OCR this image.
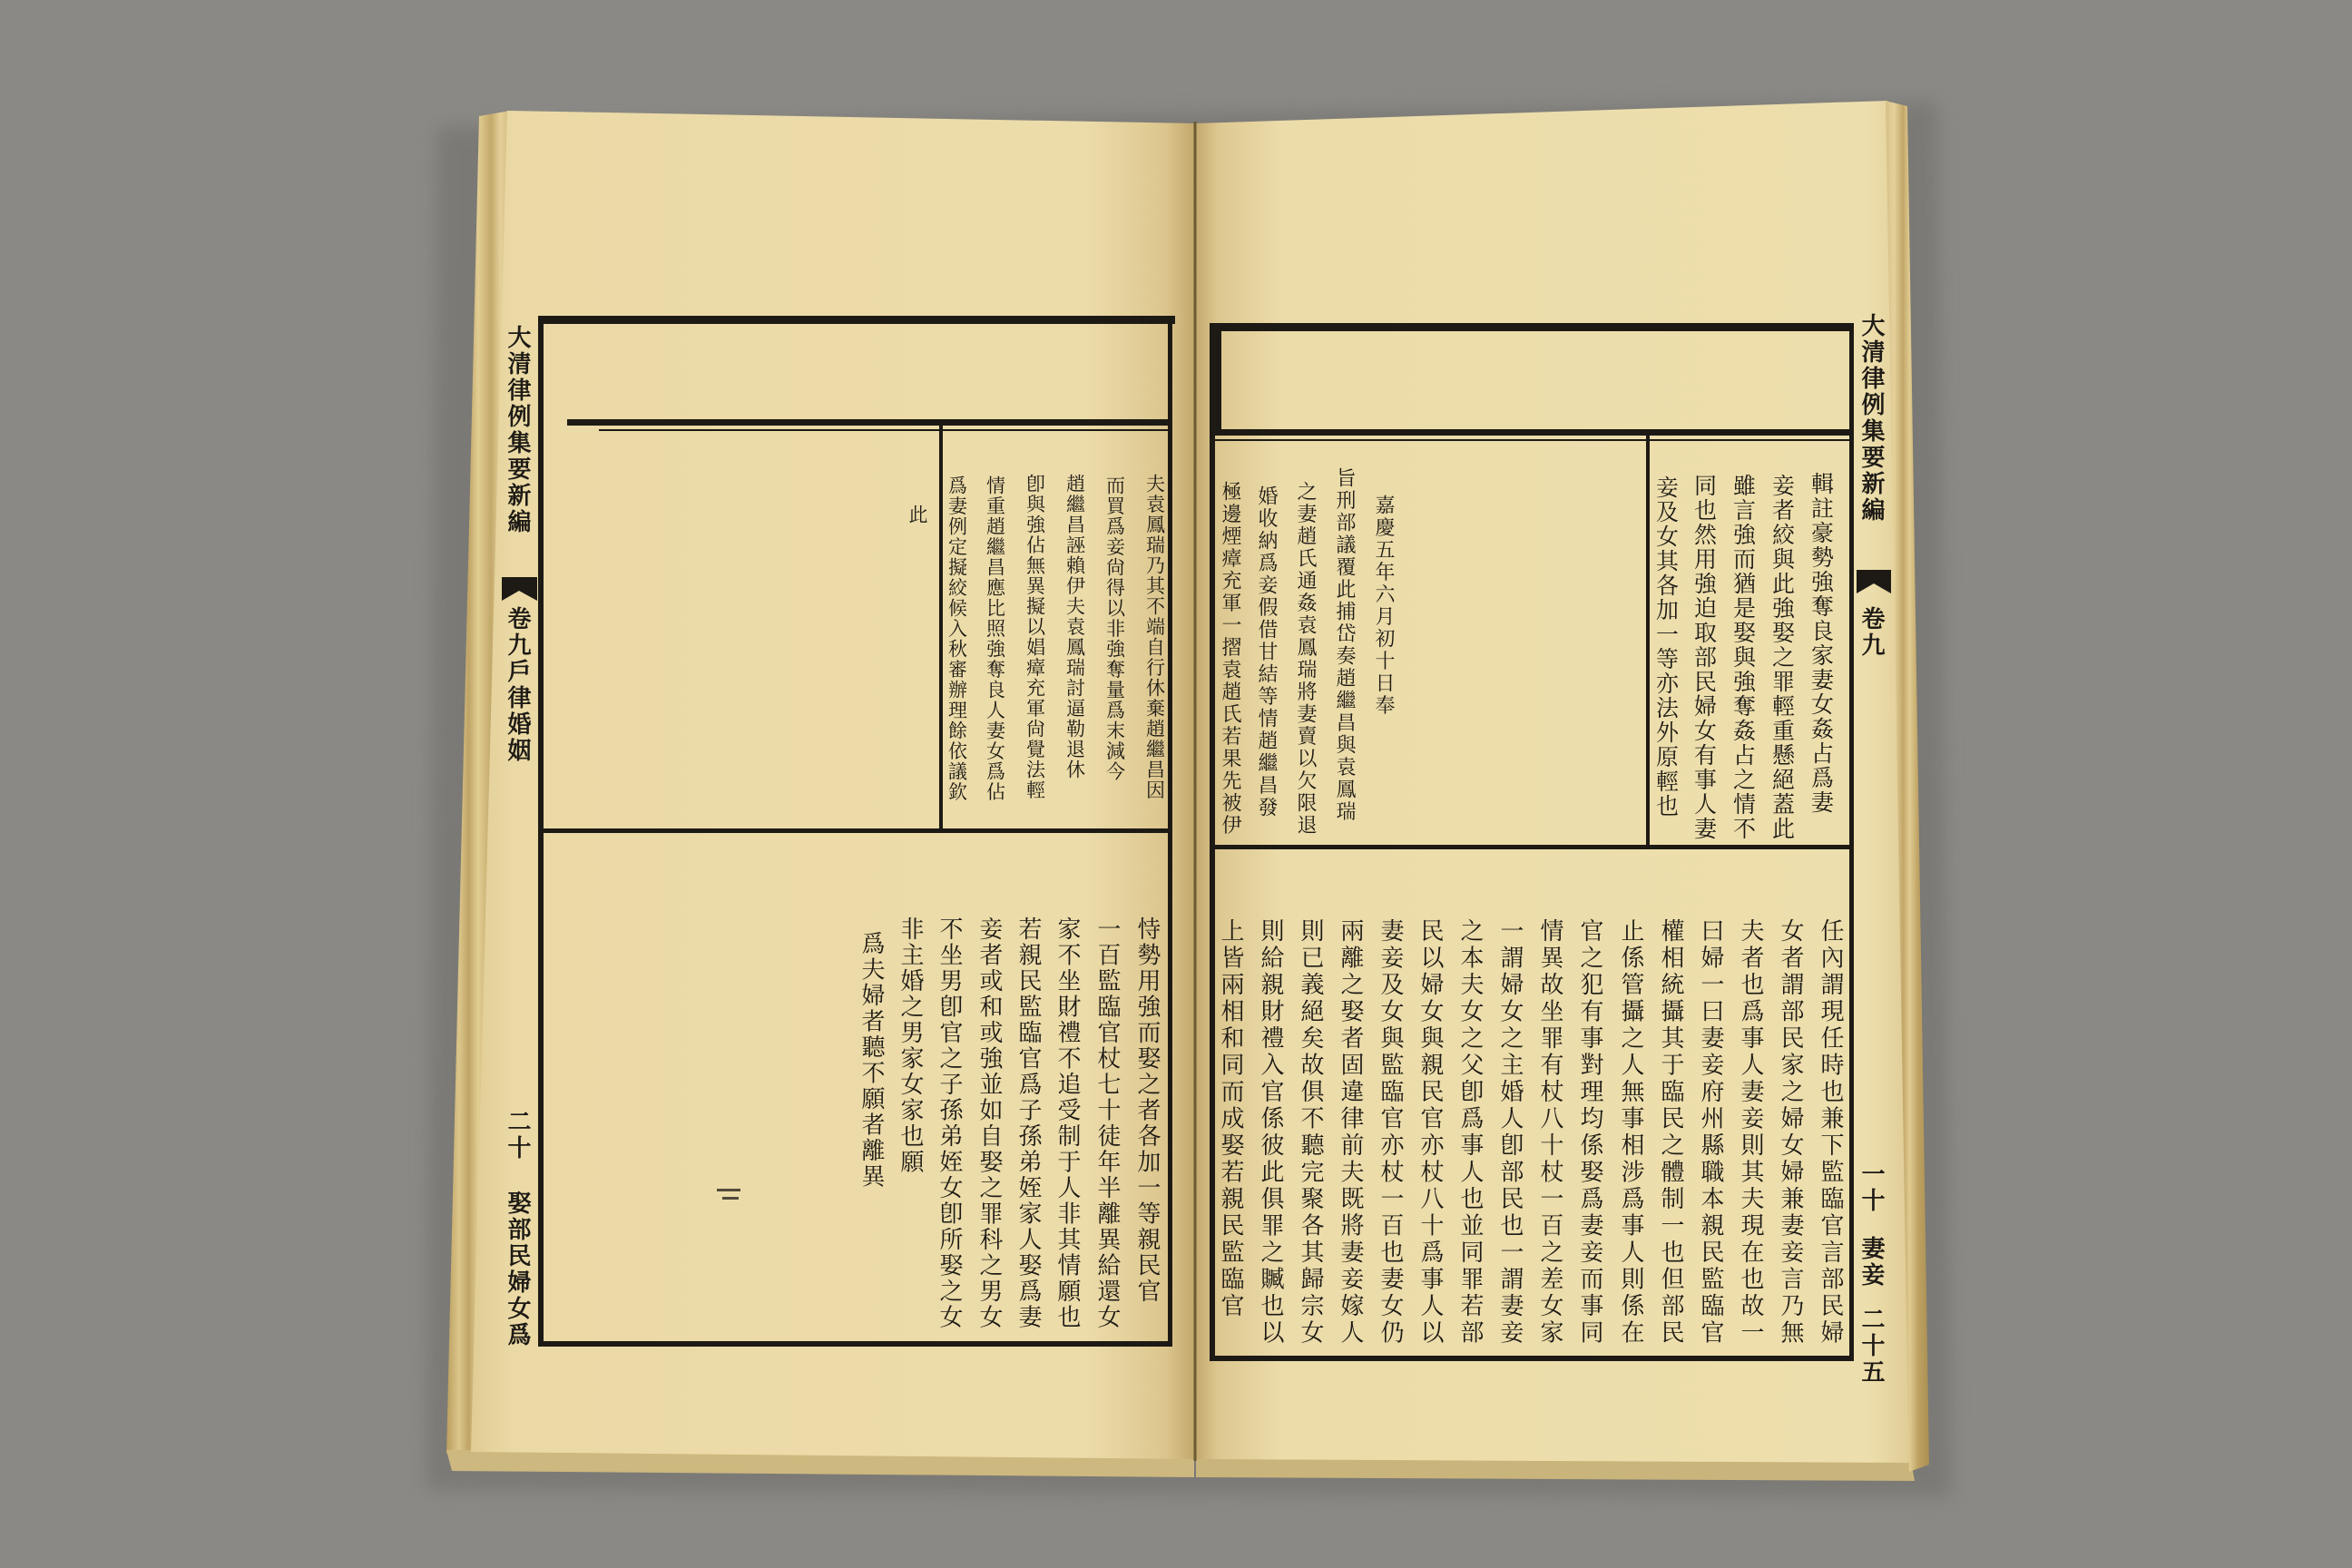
大清律例集要新編
卷九戶律婚姻
二十
娶部民婦女爲
夫袁鳳瑞乃其不端自行休棄趙繼昌因
而買爲妾尙得以非強奪量爲末減今
趙繼昌誣賴伊夫袁鳳瑞討逼勒退休
卽與強佔無異擬以娼瘴充軍尙覺法輕
情重趙繼昌應比照強奪良人妻女爲佔
爲妻例定擬絞候入秋審辦理餘依議欽
此
恃勢用強而娶之者各加一等親民官
一百監臨官杖七十徒年半離異給還女
家不坐財禮不追受制于人非其情願也
若親民監臨官爲子孫弟姪家人娶爲妻
妾者或和或強並如自娶之罪科之男女
不坐男卽官之子孫弟姪女卽所娶之女
非主婚之男家女家也願
爲夫婦者聽不願者離異
大清律例集要新編
卷九
一十
妻妾
二十五
輯註豪勢強奪良家妻女姦占爲妻
妾者絞與此強娶之罪輕重懸絕蓋此
雖言強而猶是娶與強奪姦占之情不
同也然用強迫取部民婦女有事人妻
妾及女其各加一等亦法外原輕也
嘉慶五年六月初十日奉
旨刑部議覆此捕岱奏趙繼昌與袁鳳瑞
之妻趙氏通姦袁鳳瑞將妻賣以欠限退
婚收納爲妾假借甘結等情趙繼昌發
極邊煙瘴充軍一摺袁趙氏若果先被伊
任內謂現任時也兼下監臨官言部民婦
女者謂部民家之婦女婦兼妻妾言乃無
夫者也爲事人妻妾則其夫現在也故一
曰婦一曰妻妾府州縣職本親民監臨官
權相統攝其于臨民之體制一也但部民
止係管攝之人無事相涉爲事人則係在
官之犯有事對理均係娶爲妻妾而事同
情異故坐罪有杖八十杖一百之差女家
一謂婦女之主婚人卽部民也一謂妻妾
之本夫女之父卽爲事人也並同罪若部
民以婦女與親民官亦杖八十爲事人以
妻妾及女與監臨官亦杖一百也妻女仍
兩離之娶者固違律前夫既將妻妾嫁人
則已義絕矣故俱不聽完聚各其歸宗女
則給親財禮入官係彼此俱罪之贓也以
上皆兩相和同而成娶若親民監臨官
